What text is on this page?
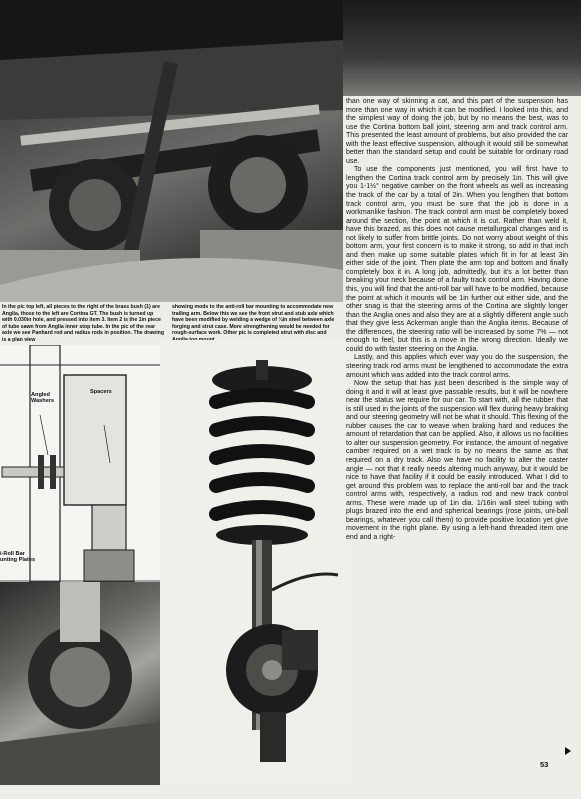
In the pic top left, all pieces to the right of the brass bush (1) are Anglia, those to the left are Cortina GT. The bush is turned up with 0.030in hole, and pressed into item 3. Item 2 is the 1in piece of tube sawn from Anglia inner stop tube. In the pic of the rear axle we see Panhard rod and radius rods in position. The drawing is a plan view

showing mods to the anti-roll bar mounting to accommodate new trailing arm. Below this we see the front strut and stub axle which have been modified by welding a wedge of ¼in steel between axle forging and strut case. More strengthening would be needed for rough-surface work. Other pic is completed strut with disc and

Angled Washers
Spacers
i-Roll Bar
unting Plates

than one way of skinning a cat, and this part of the suspension has more than one way in which it can be modified. I looked into this, and the simplest way of doing the job, but by no means the best, was to use the Cortina bottom ball joint, steering arm and track control arm. This presented the least amount of problems, but also provided the car with the least effective suspension, although it would still be somewhat better than the standard setup and could be suitable for ordinary road use.

To use the components just mentioned, you will first have to lengthen the Cortina track control arm by precisely 1in. This will give you 1-1½° negative camber on the front wheels as well as increasing the track of the car by a total of 2in. When you lengthen that bottom track control arm, you must be sure that the job is done in a workmanlike fashion. The track control arm must be completely boxed around the section, the point at which it is cut. Rather than weld it, have this brazed, as this does not cause metallurgical changes and is not likely to suffer from brittle joints. Do not worry about weight of this bottom arm, your first concern is to make it strong, so add in that inch and then make up some suitable plates which fit in for at least 3in either side of the joint. Then plate the arm top and bottom and finally completely box it in. A long job, admittedly, but it's a lot better than breaking your neck because of a faulty track control arm. Having done this, you will find that the anti-roll bar will have to be modified, because the point at which it mounts will be 1in further out either side, and the other snag is that the steering arms of the Cortina are slightly longer than the Anglia ones and also they are at a slightly different angle such that they give less Ackerman angle than the Anglia items. Because of the differences, the steering ratio will be increased by some 7% — not enough to feel, but this is a move in the wrong direction. Ideally we could do with faster steering on the Anglia.

Lastly, and this applies which ever way you do the suspension, the steering track rod arms must be lengthened to accommodate the extra amount which was added into the track control arms.

Now the setup that has just been described is the simple way of doing it and it will at least give passable results, but it will be nowhere near the status we require for our car. To start with, all the rubber that is still used in the joints of the suspension will flex during heavy braking and our steering geometry will not be what it should. This flexing of the rubber causes the car to weave when braking hard and reduces the amount of retardation that can be applied. Also, it allows us no facilities to alter our suspension geometry. For instance, the amount of negative camber required on a wet track is by no means the same as that required on a dry track. Also we have no facility to alter the caster angle — not that it really needs altering much anyway, but it would be nice to have that facility if it could be easily introduced. What I did to get around this problem was to replace the anti-roll bar and the track control arms with, respectively, a radius rod and new track control arms. These were made up of 1in dia. 1/16in wall steel tubing with plugs brazed into the end and spherical bearings (rose joints, uni-ball bearings, whatever you call them) to provide positive location yet give movement in the right plane. By using a left-hand threaded item one end and a right-

53
